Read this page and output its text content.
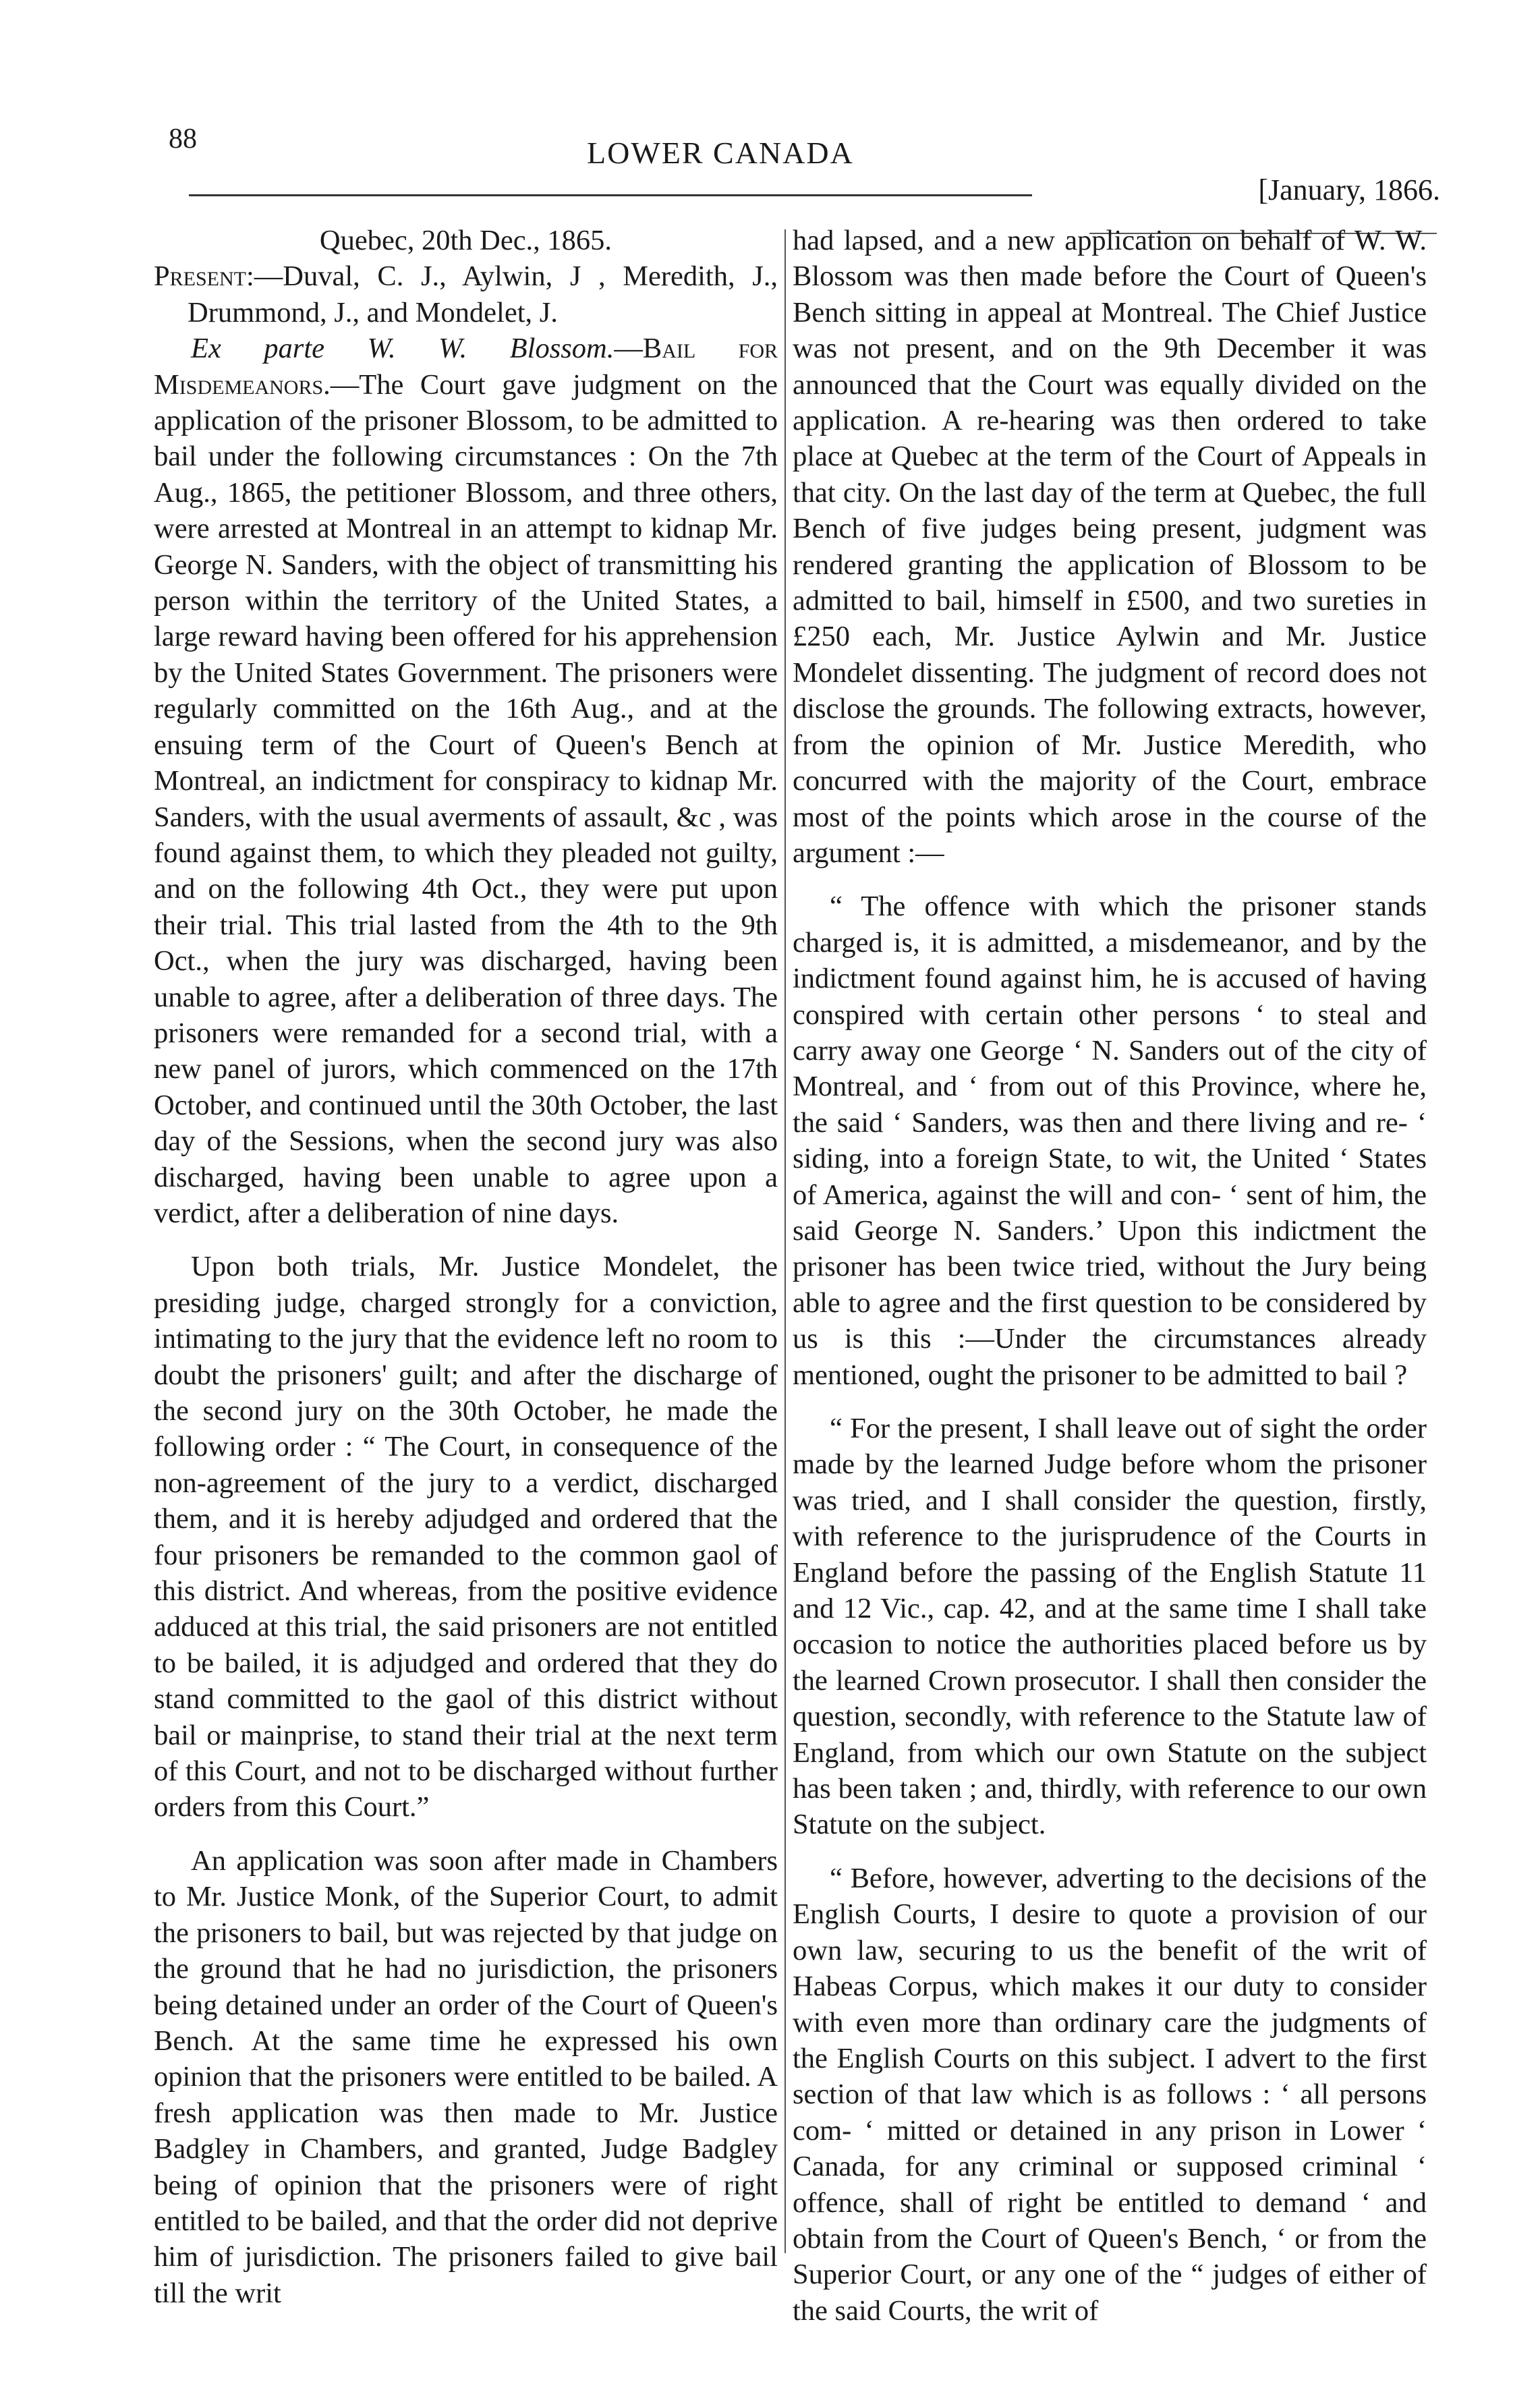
88	LOWER CANADA
[January, 1866.

Quebec, 20th Dec., 1865.

Present:—Duval, C. J., Aylwin, J , Meredith, J., Drummond, J., and Mondelet, J.

Ex parte W. W. Blossom.—Bail for Misdemeanors.—The Court gave judgment on the application of the prisoner Blossom, to be admitted to bail under the following circumstances : On the 7th Aug., 1865, the petitioner Blossom, and three others, were arrested at Montreal in an attempt to kidnap Mr. George N. Sanders, with the object of transmitting his person within the territory of the United States, a large reward having been offered for his apprehension by the United States Government. The prisoners were regularly committed on the 16th Aug., and at the ensuing term of the Court of Queen's Bench at Montreal, an indictment for conspiracy to kidnap Mr. Sanders, with the usual averments of assault, &c , was found against them, to which they pleaded not guilty, and on the following 4th Oct., they were put upon their trial. This trial lasted from the 4th to the 9th Oct., when the jury was discharged, having been unable to agree, after a deliberation of three days. The prisoners were remanded for a second trial, with a new panel of jurors, which commenced on the 17th October, and continued until the 30th October, the last day of the Sessions, when the second jury was also discharged, having been unable to agree upon a verdict, after a deliberation of nine days.

Upon both trials, Mr. Justice Mondelet, the presiding judge, charged strongly for a conviction, intimating to the jury that the evidence left no room to doubt the prisoners' guilt; and after the discharge of the second jury on the 30th October, he made the following order : “ The Court, in consequence of the non-agreement of the jury to a verdict, discharged them, and it is hereby adjudged and ordered that the four prisoners be remanded to the common gaol of this district. And whereas, from the positive evidence adduced at this trial, the said prisoners are not entitled to be bailed, it is adjudged and ordered that they do stand committed to the gaol of this district without bail or mainprise, to stand their trial at the next term of this Court, and not to be discharged without further orders from this Court.”

An application was soon after made in Chambers to Mr. Justice Monk, of the Superior Court, to admit the prisoners to bail, but was rejected by that judge on the ground that he had no jurisdiction, the prisoners being detained under an order of the Court of Queen's Bench. At the same time he expressed his own opinion that the prisoners were entitled to be bailed. A fresh application was then made to Mr. Justice Badgley in Chambers, and granted, Judge Badgley being of opinion that the prisoners were of right entitled to be bailed, and that the order did not deprive him of jurisdiction. The prisoners failed to give bail till the writ

had lapsed, and a new application on behalf of W. W. Blossom was then made before the Court of Queen's Bench sitting in appeal at Montreal. The Chief Justice was not present, and on the 9th December it was announced that the Court was equally divided on the application. A re-hearing was then ordered to take place at Quebec at the term of the Court of Appeals in that city. On the last day of the term at Quebec, the full Bench of five judges being present, judgment was rendered granting the application of Blossom to be admitted to bail, himself in £500, and two sureties in £250 each, Mr. Justice Aylwin and Mr. Justice Mondelet dissenting. The judgment of record does not disclose the grounds. The following extracts, however, from the opinion of Mr. Justice Meredith, who concurred with the majority of the Court, embrace most of the points which arose in the course of the argument :—

“ The offence with which the prisoner stands charged is, it is admitted, a misdemeanor, and by the indictment found against him, he is accused of having conspired with certain other persons ‘ to steal and carry away one George ‘ N. Sanders out of the city of Montreal, and ‘ from out of this Province, where he, the said ‘ Sanders, was then and there living and re- ‘ siding, into a foreign State, to wit, the United ‘ States of America, against the will and con- ‘ sent of him, the said George N. Sanders.’ Upon this indictment the prisoner has been twice tried, without the Jury being able to agree and the first question to be considered by us is this :—Under the circumstances already mentioned, ought the prisoner to be admitted to bail ?

“ For the present, I shall leave out of sight the order made by the learned Judge before whom the prisoner was tried, and I shall consider the question, firstly, with reference to the jurisprudence of the Courts in England before the passing of the English Statute 11 and 12 Vic., cap. 42, and at the same time I shall take occasion to notice the authorities placed before us by the learned Crown prosecutor. I shall then consider the question, secondly, with reference to the Statute law of England, from which our own Statute on the subject has been taken ; and, thirdly, with reference to our own Statute on the subject.

“ Before, however, adverting to the decisions of the English Courts, I desire to quote a provision of our own law, securing to us the benefit of the writ of Habeas Corpus, which makes it our duty to consider with even more than ordinary care the judgments of the English Courts on this subject. I advert to the first section of that law which is as follows : ‘ all persons com- ‘ mitted or detained in any prison in Lower ‘ Canada, for any criminal or supposed criminal ‘ offence, shall of right be entitled to demand ‘ and obtain from the Court of Queen's Bench, ‘ or from the Superior Court, or any one of the “ judges of either of the said Courts, the writ of
